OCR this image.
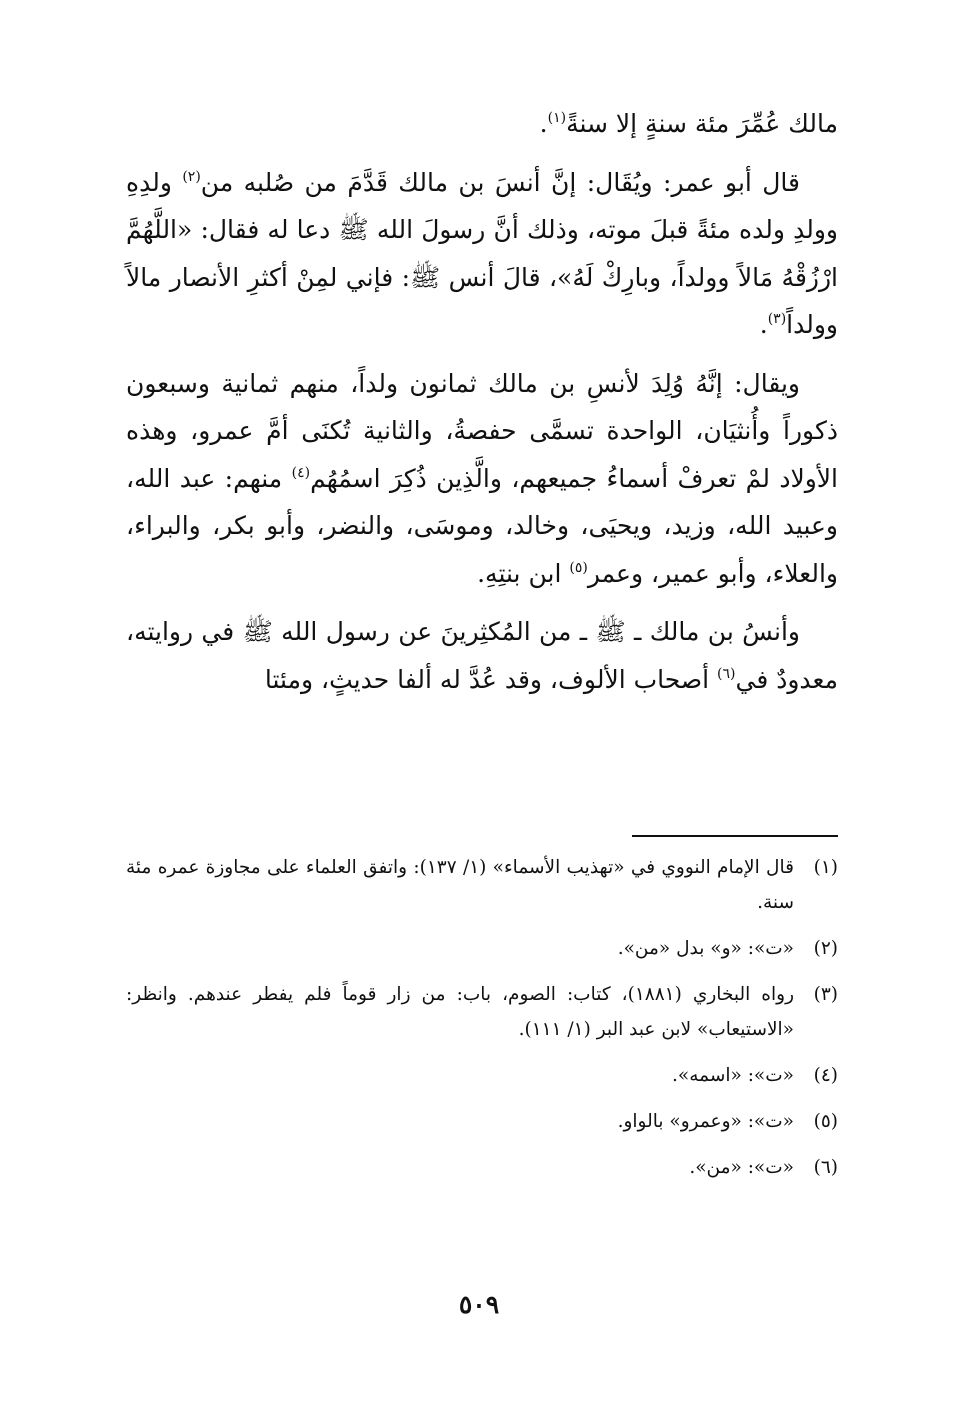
مالك عُمِّرَ مئة سنةٍ إلا سنةً$^{(١)}$.

قال أبو عمر: ويُقَال: إنَّ أنسَ بن مالك قَدَّمَ من صُلبه من$^{(٢)}$ ولدِهِ وولدِ ولده مئةً قبلَ موته، وذلك أنَّ رسولَ الله ﷺ دعا له فقال: «اللَّهُمَّ ارْزُقْهُ مَالاً وولداً، وبارِكْ لَهُ»، قالَ أنس ﷺ: فإني لمِنْ أكثرِ الأنصار مالاً وولداً$^{(٣)}$.

ويقال: إنَّهُ وُلِدَ لأنسِ بن مالك ثمانون ولداً، منهم ثمانية وسبعون ذكوراً وأُنثيَان، الواحدة تسمَّى حفصةُ، والثانية تُكنَى أمَّ عمرو، وهذه الأولاد لمْ تعرفْ أسماءُ جميعهم، والَّذِين ذُكِرَ اسمُهُم$^{(٤)}$ منهم: عبد الله، وعبيد الله، وزيد، ويحيَى، وخالد، وموسَى، والنضر، وأبو بكر، والبراء، والعلاء، وأبو عمير، وعمر$^{(٥)}$ ابن بنتِهِ.

وأنسُ بن مالك ـ ﷺ ـ من المُكثِرينَ عن رسول الله ﷺ في روايته، معدودٌ في$^{(٦)}$ أصحاب الألوف، وقد عُدَّ له ألفا حديثٍ، ومئتا

(١)
قال الإمام النووي في «تهذيب الأسماء» (١/ ١٣٧): واتفق العلماء على مجاوزة عمره مئة سنة.
(٢)
«ت»: «و» بدل «من».
(٣)
رواه البخاري (١٨٨١)، كتاب: الصوم، باب: من زار قوماً فلم يفطر عندهم. وانظر: «الاستيعاب» لابن عبد البر (١/ ١١١).
(٤)
«ت»: «اسمه».
(٥)
«ت»: «وعمرو» بالواو.
(٦)
«ت»: «من».
٥٠٩
